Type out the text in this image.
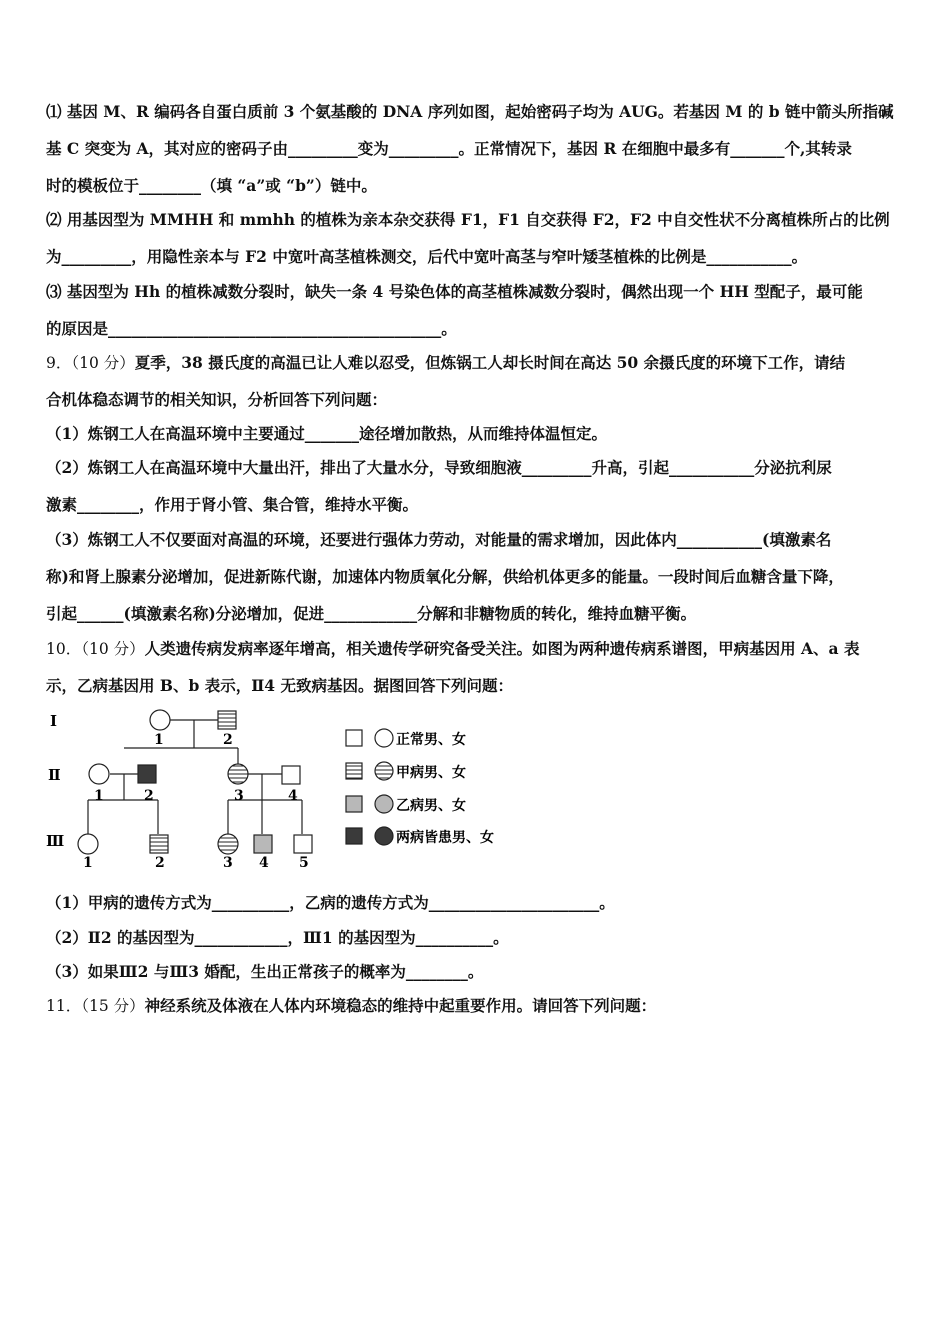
⑴ 基因 M、R 编码各自蛋白质前 3 个氨基酸的 DNA 序列如图，起始密码子均为 AUG。若基因 M 的 b 链中箭头所指碱
基 C 突变为 A，其对应的密码子由_________变为_________。正常情况下，基因 R 在细胞中最多有_______个,其转录
时的模板位于________（填 “a”或 “b”）链中。
⑵ 用基因型为 MMHH 和 mmhh 的植株为亲本杂交获得 F1，F1 自交获得 F2，F2 中自交性状不分离植株所占的比例
为_________，用隐性亲本与 F2 中宽叶高茎植株测交，后代中宽叶高茎与窄叶矮茎植株的比例是___________。
⑶ 基因型为 Hh 的植株减数分裂时，缺失一条 4 号染色体的高茎植株减数分裂时，偶然出现一个 HH 型配子，最可能
的原因是___________________________________________。
9．（10 分）夏季，38 摄氏度的高温已让人难以忍受，但炼锅工人却长时间在高达 50 余摄氏度的环境下工作，请结
合机体稳态调节的相关知识，分析回答下列问题：
（1）炼钢工人在高温环境中主要通过_______途径增加散热，从而维持体温恒定。
（2）炼钢工人在高温环境中大量出汗，排出了大量水分，导致细胞液_________升高，引起___________分泌抗利尿
激素________，作用于肾小管、集合管，维持水平衡。
（3）炼钢工人不仅要面对高温的环境，还要进行强体力劳动，对能量的需求增加，因此体内___________(填激素名
称)和肾上腺素分泌增加，促进新陈代谢，加速体内物质氧化分解，供给机体更多的能量。一段时间后血糖含量下降，
引起______(填激素名称)分泌增加，促进____________分解和非糖物质的转化，维持血糖平衡。
10．（10 分）人类遗传病发病率逐年增高，相关遗传学研究备受关注。如图为两种遗传病系谱图，甲病基因用 A、a 表
示，乙病基因用 B、b 表示，Ⅱ4 无致病基因。据图回答下列问题：
Ⅰ
Ⅱ
Ⅲ
1	2
1	2	3	4
1	2	3 4 5
正常男、女
甲病男、女
乙病男、女
两病皆患男、女
（1）甲病的遗传方式为__________，乙病的遗传方式为______________________。
（2）Ⅱ2 的基因型为____________，Ⅲ1 的基因型为__________。
（3）如果Ⅲ2 与Ⅲ3 婚配，生出正常孩子的概率为________。
11．（15 分）神经系统及体液在人体内环境稳态的维持中起重要作用。请回答下列问题：
